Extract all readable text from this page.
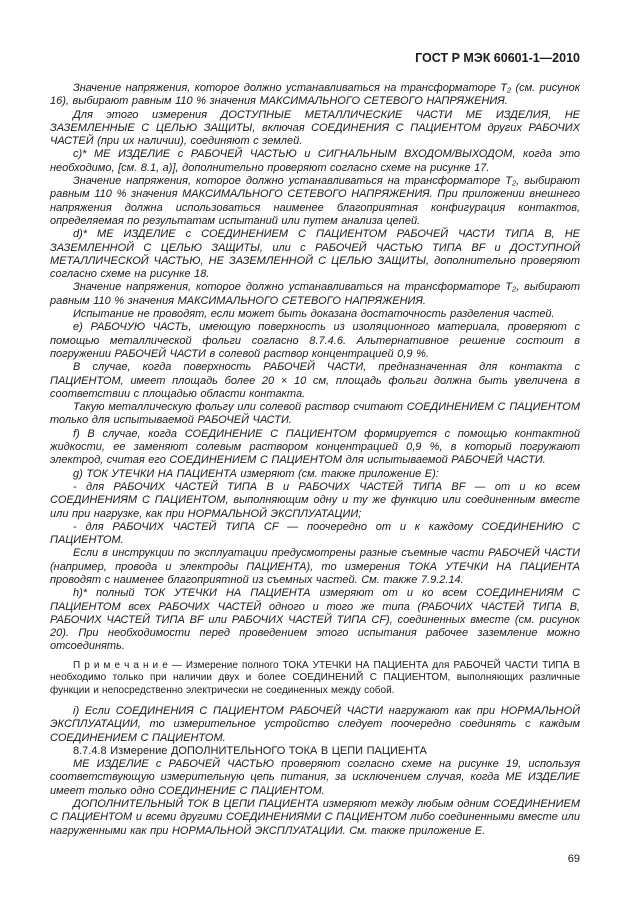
ГОСТ Р МЭК 60601-1—2010

Значение напряжения, которое должно устанавливаться на трансформаторе Т₂ (см. рисунок 16), выбирают равным 110 % значения МАКСИМАЛЬНОГО СЕТЕВОГО НАПРЯЖЕНИЯ.

Для этого измерения ДОСТУПНЫЕ МЕТАЛЛИЧЕСКИЕ ЧАСТИ МЕ ИЗДЕЛИЯ, НЕ ЗАЗЕМЛЕННЫЕ С ЦЕЛЬЮ ЗАЩИТЫ, включая СОЕДИНЕНИЯ С ПАЦИЕНТОМ других РАБОЧИХ ЧАСТЕЙ (при их наличии), соединяют с землей.

c)* МЕ ИЗДЕЛИЕ с РАБОЧЕЙ ЧАСТЬЮ и СИГНАЛЬНЫМ ВХОДОМ/ВЫХОДОМ, когда это необходимо, [см. 8.1, a)], дополнительно проверяют согласно схеме на рисунке 17.

Значение напряжения, которое должно устанавливаться на трансформаторе Т₂, выбирают равным 110 % значения МАКСИМАЛЬНОГО СЕТЕВОГО НАПРЯЖЕНИЯ. При приложении внешнего напряжения должна использоваться наименее благоприятная конфигурация контактов, определяемая по результатам испытаний или путем анализа цепей.

d)* МЕ ИЗДЕЛИЕ с СОЕДИНЕНИЕМ С ПАЦИЕНТОМ РАБОЧЕЙ ЧАСТИ ТИПА B, НЕ ЗАЗЕМЛЕННОЙ С ЦЕЛЬЮ ЗАЩИТЫ, или с РАБОЧЕЙ ЧАСТЬЮ ТИПА BF и ДОСТУПНОЙ МЕТАЛЛИЧЕСКОЙ ЧАСТЬЮ, НЕ ЗАЗЕМЛЕННОЙ С ЦЕЛЬЮ ЗАЩИТЫ, дополнительно проверяют согласно схеме на рисунке 18.

Значение напряжения, которое должно устанавливаться на трансформаторе Т₂, выбирают равным 110 % значения МАКСИМАЛЬНОГО СЕТЕВОГО НАПРЯЖЕНИЯ.

Испытание не проводят, если может быть доказана достаточность разделения частей.

e) РАБОЧУЮ ЧАСТЬ, имеющую поверхность из изоляционного материала, проверяют с помощью металлической фольги согласно 8.7.4.6. Альтернативное решение состоит в погружении РАБОЧЕЙ ЧАСТИ в солевой раствор концентрацией 0,9 %.

В случае, когда поверхность РАБОЧЕЙ ЧАСТИ, предназначенная для контакта с ПАЦИЕНТОМ, имеет площадь более 20 × 10 см, площадь фольги должна быть увеличена в соответствии с площадью области контакта.

Такую металлическую фольгу или солевой раствор считают СОЕДИНЕНИЕМ С ПАЦИЕНТОМ только для испытываемой РАБОЧЕЙ ЧАСТИ.

f) В случае, когда СОЕДИНЕНИЕ С ПАЦИЕНТОМ формируется с помощью контактной жидкости, ее заменяют солевым раствором концентрацией 0,9 %, в который погружают электрод, считая его СОЕДИНЕНИЕМ С ПАЦИЕНТОМ для испытываемой РАБОЧЕЙ ЧАСТИ.

g) ТОК УТЕЧКИ НА ПАЦИЕНТА измеряют (см. также приложение Е):

- для РАБОЧИХ ЧАСТЕЙ ТИПА B и РАБОЧИХ ЧАСТЕЙ ТИПА BF — от и ко всем СОЕДИНЕНИЯМ С ПАЦИЕНТОМ, выполняющим одну и ту же функцию или соединенным вместе или при нагрузке, как при НОРМАЛЬНОЙ ЭКСПЛУАТАЦИИ;

- для РАБОЧИХ ЧАСТЕЙ ТИПА CF — поочередно от и к каждому СОЕДИНЕНИЮ С ПАЦИЕНТОМ.

Если в инструкции по эксплуатации предусмотрены разные съемные части РАБОЧЕЙ ЧАСТИ (например, провода и электроды ПАЦИЕНТА), то измерения ТОКА УТЕЧКИ НА ПАЦИЕНТА проводят с наименее благоприятной из съемных частей. См. также 7.9.2.14.

h)* полный ТОК УТЕЧКИ НА ПАЦИЕНТА измеряют от и ко всем СОЕДИНЕНИЯМ С ПАЦИЕНТОМ всех РАБОЧИХ ЧАСТЕЙ одного и того же типа (РАБОЧИХ ЧАСТЕЙ ТИПА B, РАБОЧИХ ЧАСТЕЙ ТИПА BF или РАБОЧИХ ЧАСТЕЙ ТИПА CF), соединенных вместе (см. рисунок 20). При необходимости перед проведением этого испытания рабочее заземление можно отсоединять.

П р и м е ч а н и е — Измерение полного ТОКА УТЕЧКИ НА ПАЦИЕНТА для РАБОЧЕЙ ЧАСТИ ТИПА B необходимо только при наличии двух и более СОЕДИНЕНИЙ С ПАЦИЕНТОМ, выполняющих различные функции и непосредственно электрически не соединенных между собой.

i) Если СОЕДИНЕНИЯ С ПАЦИЕНТОМ РАБОЧЕЙ ЧАСТИ нагружают как при НОРМАЛЬНОЙ ЭКСПЛУАТАЦИИ, то измерительное устройство следует поочередно соединять с каждым СОЕДИНЕНИЕМ С ПАЦИЕНТОМ.

8.7.4.8 Измерение ДОПОЛНИТЕЛЬНОГО ТОКА В ЦЕПИ ПАЦИЕНТА

МЕ ИЗДЕЛИЕ с РАБОЧЕЙ ЧАСТЬЮ проверяют согласно схеме на рисунке 19, используя соответствующую измерительную цепь питания, за исключением случая, когда МЕ ИЗДЕЛИЕ имеет только одно СОЕДИНЕНИЕ С ПАЦИЕНТОМ.

ДОПОЛНИТЕЛЬНЫЙ ТОК В ЦЕПИ ПАЦИЕНТА измеряют между любым одним СОЕДИНЕНИЕМ С ПАЦИЕНТОМ и всеми другими СОЕДИНЕНИЯМИ С ПАЦИЕНТОМ либо соединенными вместе или нагруженными как при НОРМАЛЬНОЙ ЭКСПЛУАТАЦИИ. См. также приложение Е.

69
